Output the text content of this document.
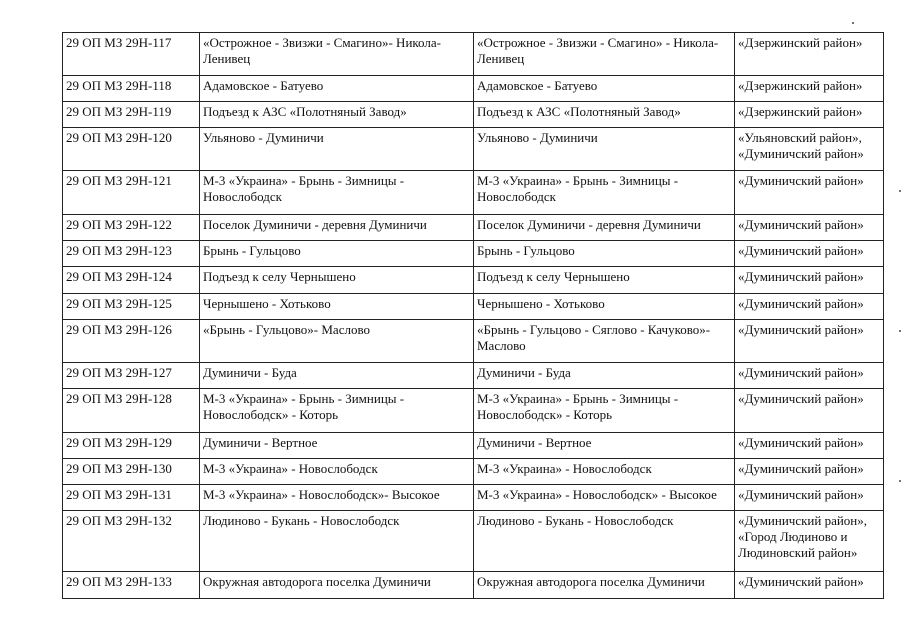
29 ОП МЗ 29Н-117	«Острожное - Звизжи - Смагино»- Никола-Ленивец	«Острожное - Звизжи - Смагино» - Никола-Ленивец	«Дзержинский район»
29 ОП МЗ 29Н-118	Адамовское - Батуево	Адамовское - Батуево	«Дзержинский район»
29 ОП МЗ 29Н-119	Подъезд к АЗС «Полотняный Завод»	Подъезд к АЗС «Полотняный Завод»	«Дзержинский район»
29 ОП МЗ 29Н-120	Ульяново - Думиничи	Ульяново - Думиничи	«Ульяновский район», «Думиничский район»
29 ОП МЗ 29Н-121	М-3 «Украина» - Брынь - Зимницы - Новослободск	М-3 «Украина» - Брынь - Зимницы - Новослободск	«Думиничский район»
29 ОП МЗ 29Н-122	Поселок Думиничи - деревня Думиничи	Поселок Думиничи - деревня Думиничи	«Думиничский район»
29 ОП МЗ 29Н-123	Брынь - Гульцово	Брынь - Гульцово	«Думиничский район»
29 ОП МЗ 29Н-124	Подъезд к селу Чернышено	Подъезд к селу Чернышено	«Думиничский район»
29 ОП МЗ 29Н-125	Чернышено - Хотьково	Чернышено - Хотьково	«Думиничский район»
29 ОП МЗ 29Н-126	«Брынь - Гульцово»- Маслово	«Брынь - Гульцово - Сяглово - Качуково»- Маслово	«Думиничский район»
29 ОП МЗ 29Н-127	Думиничи - Буда	Думиничи - Буда	«Думиничский район»
29 ОП МЗ 29Н-128	М-3 «Украина» - Брынь - Зимницы - Новослободск» - Которь	М-3 «Украина» - Брынь - Зимницы - Новослободск» - Которь	«Думиничский район»
29 ОП МЗ 29Н-129	Думиничи - Вертное	Думиничи - Вертное	«Думиничский район»
29 ОП МЗ 29Н-130	М-3 «Украина» - Новослободск	М-3 «Украина» - Новослободск	«Думиничский район»
29 ОП МЗ 29Н-131	М-3 «Украина» - Новослободск»- Высокое	М-3 «Украина» - Новослободск» - Высокое	«Думиничский район»
29 ОП МЗ 29Н-132	Людиново - Букань - Новослободск	Людиново - Букань - Новослободск	«Думиничский район», «Город Людиново и Людиновский район»
29 ОП МЗ 29Н-133	Окружная автодорога поселка Думиничи	Окружная автодорога поселка Думиничи	«Думиничский район»
